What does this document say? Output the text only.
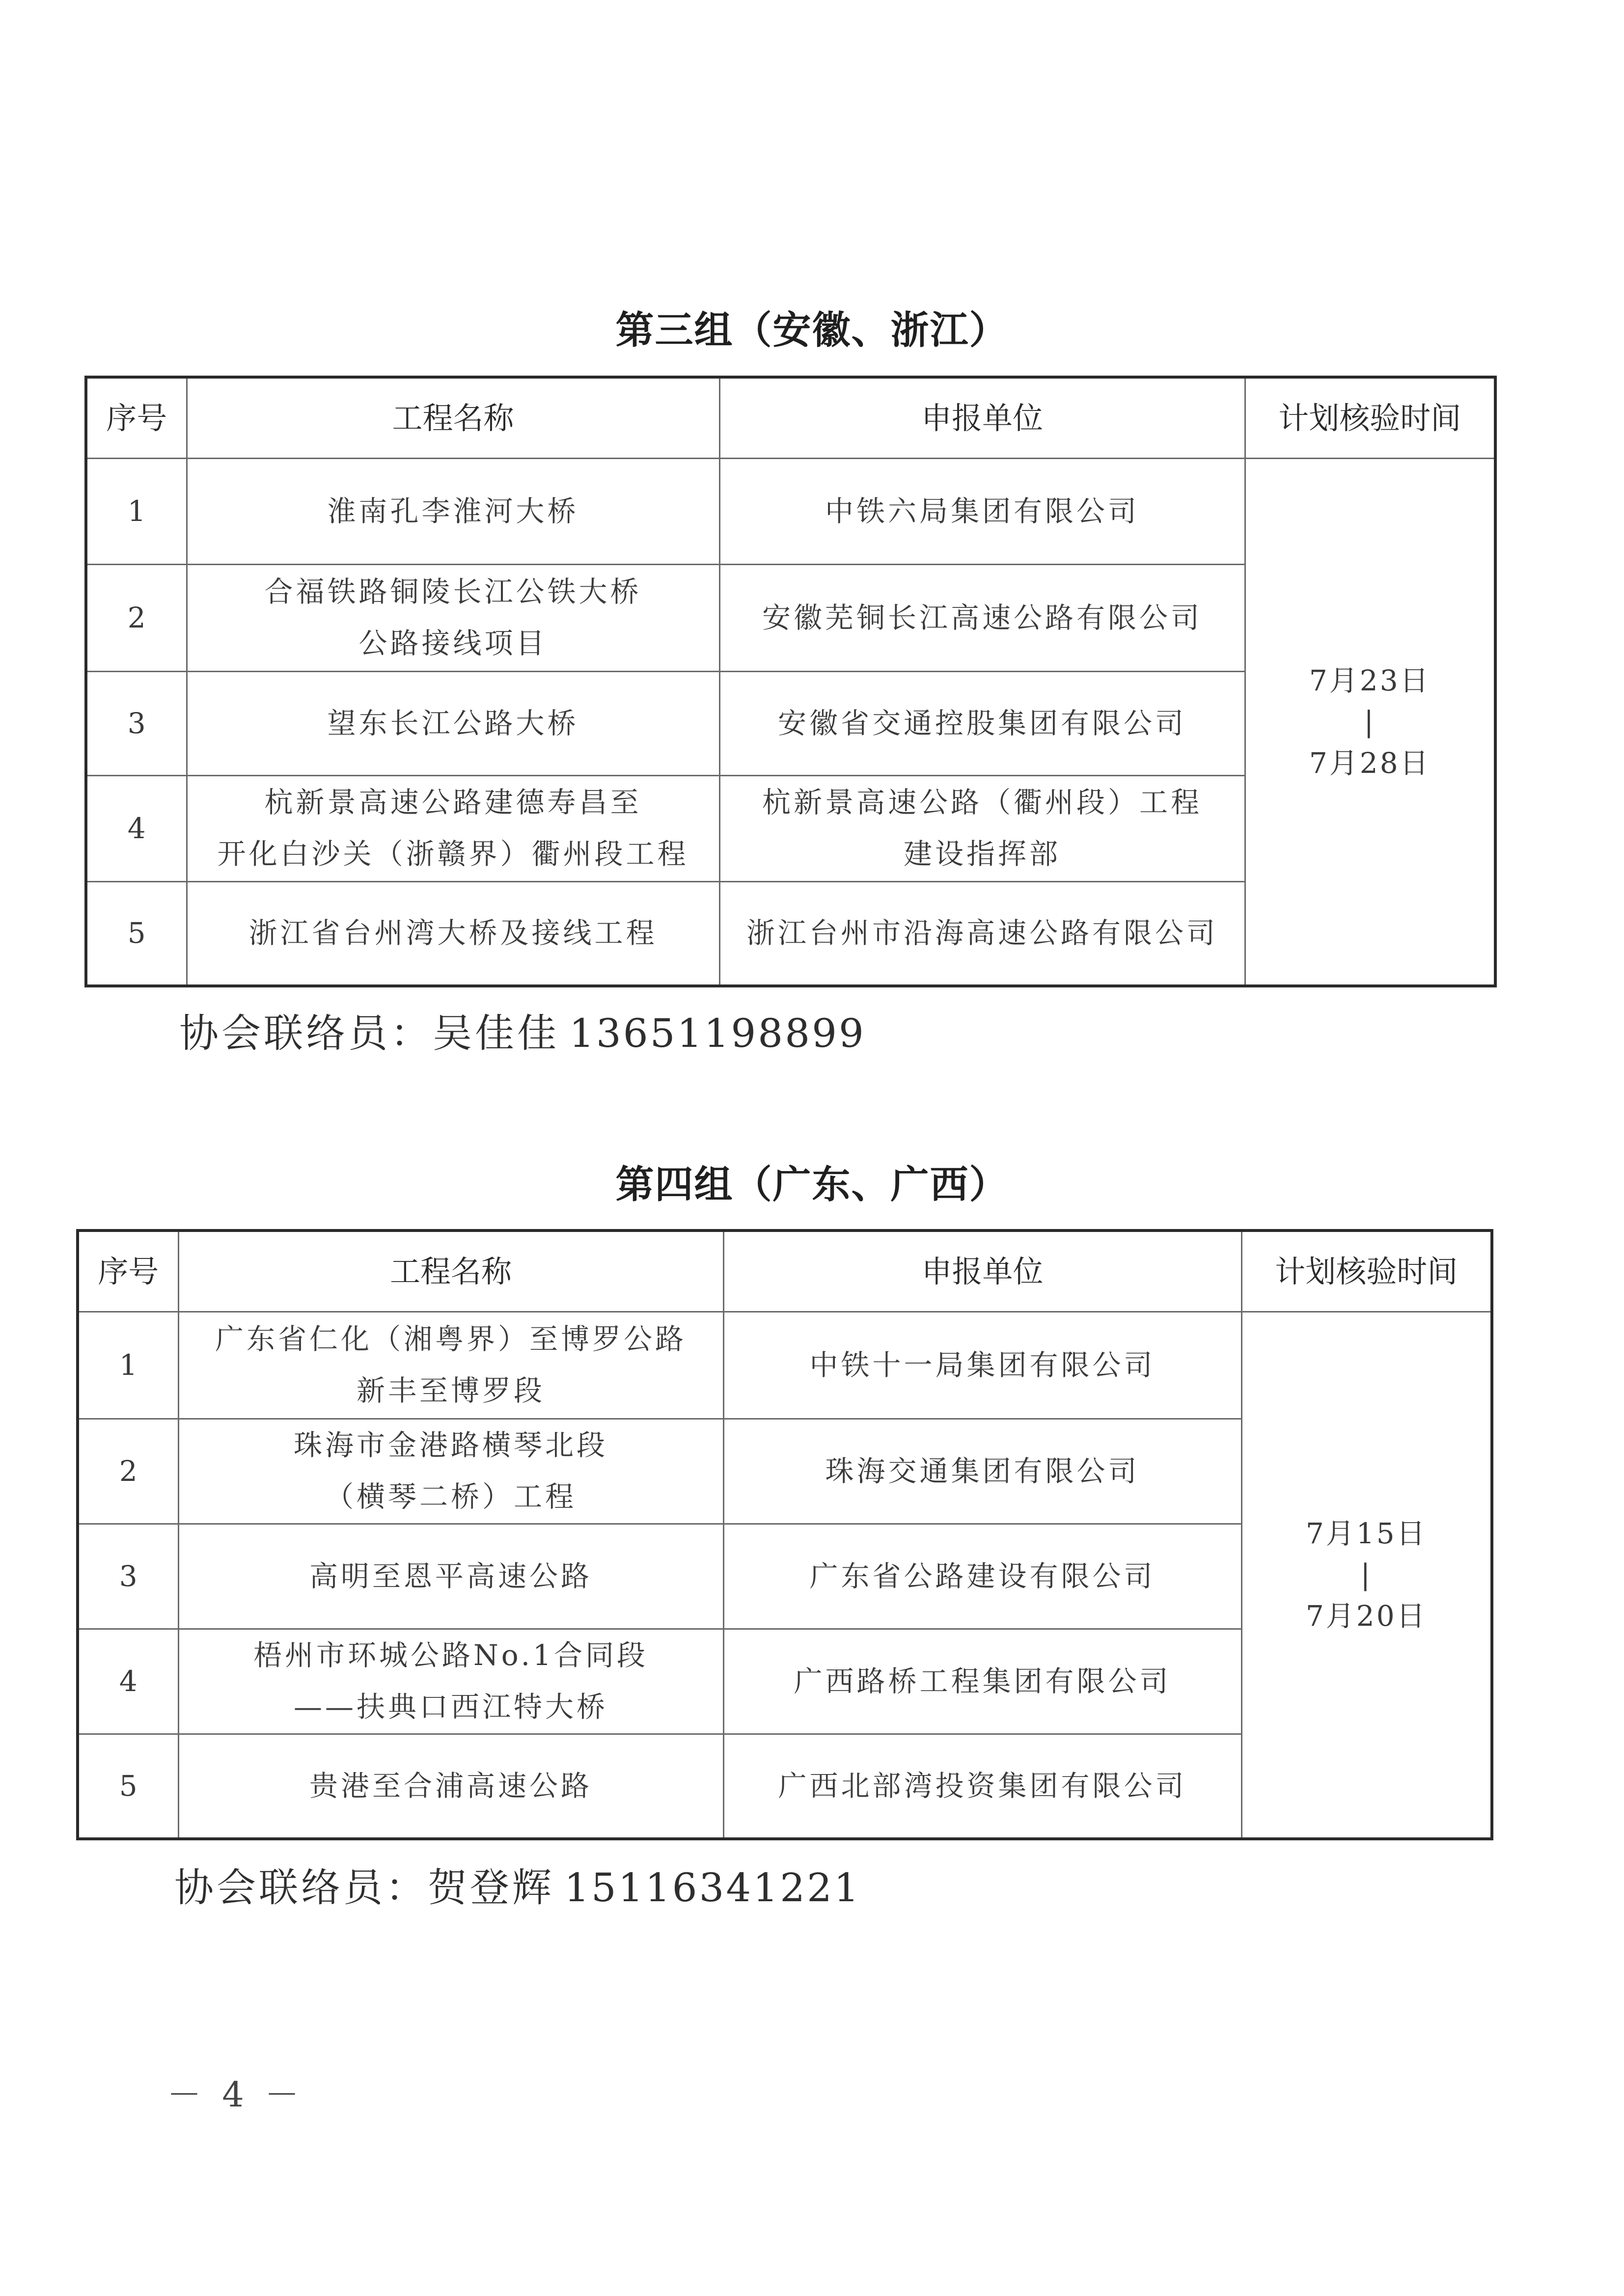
第三组（安徽、浙江）
序号	工程名称	申报单位	计划核验时间
1	淮南孔李淮河大桥	中铁六局集团有限公司	7月23日
|
7月28日

2	合福铁路铜陵长江公铁大桥
公路接线项目	安徽芜铜长江高速公路有限公司	

3	望东长江公路大桥	安徽省交通控股集团有限公司	

4	杭新景高速公路建德寿昌至
开化白沙关（浙赣界）衢州段工程	杭新景高速公路（衢州段）工程
建设指挥部	

5	浙江省台州湾大桥及接线工程	浙江台州市沿海高速公路有限公司	
协会联络员：吴佳佳 13651198899
第四组（广东、广西）
序号	工程名称	申报单位	计划核验时间
1	广东省仁化（湘粤界）至博罗公路
新丰至博罗段	中铁十一局集团有限公司	7月15日
|
7月20日

2	珠海市金港路横琴北段
（横琴二桥）工程	珠海交通集团有限公司	

3	高明至恩平高速公路	广东省公路建设有限公司	

4	梧州市环城公路No.1合同段
——扶典口西江特大桥	广西路桥工程集团有限公司	

5	贵港至合浦高速公路	广西北部湾投资集团有限公司	
协会联络员：贺登辉 15116341221
－ 4 －
